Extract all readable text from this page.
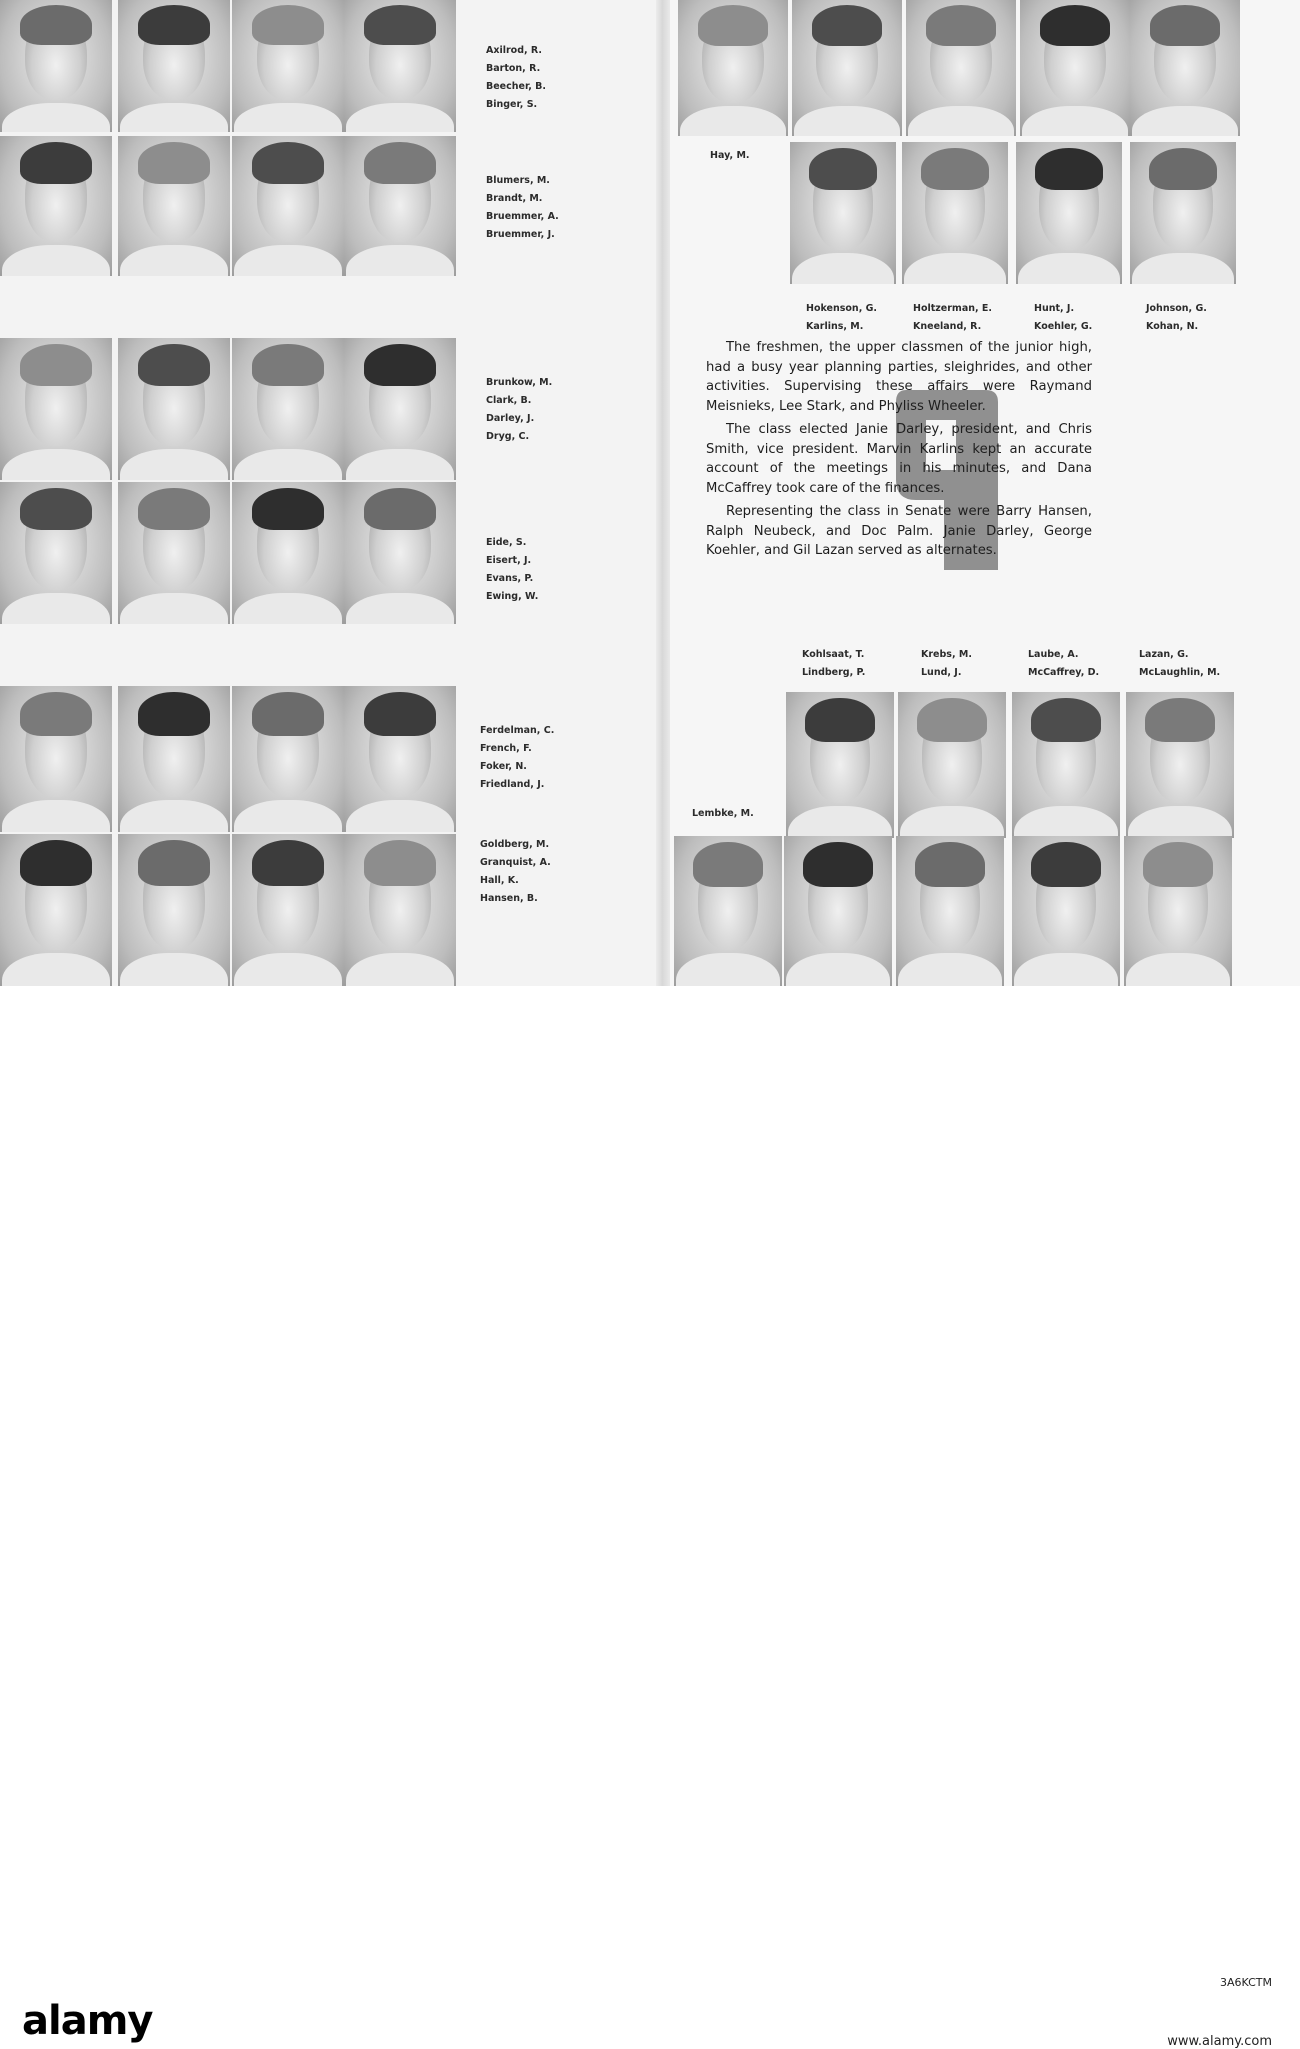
Axilrod, R.
Barton, R.
Beecher, B.
Binger, S.
Blumers, M.
Brandt, M.
Bruemmer, A.
Bruemmer, J.
Brunkow, M.
Clark, B.
Darley, J.
Dryg, C.
Eide, S.
Eisert, J.
Evans, P.
Ewing, W.
Ferdelman, C.
French, F.
Foker, N.
Friedland, J.
Goldberg, M.
Granquist, A.
Hall, K.
Hansen, B.
Hay, M.
Hokenson, G.
Karlins, M.
Holtzerman, E.
Kneeland, R.
Hunt, J.
Koehler, G.
Johnson, G.
Kohan, N.

The freshmen, the upper classmen of the junior high, had a busy year planning parties, sleighrides, and other activities. Supervising these affairs were Raymand Meisnieks, Lee Stark, and Phyliss Wheeler.

The class elected Janie Darley, president, and Chris Smith, vice president. Marvin Karlins kept an accurate account of the meetings in his minutes, and Dana McCaffrey took care of the finances.

Representing the class in Senate were Barry Hansen, Ralph Neubeck, and Doc Palm. Janie Darley, George Koehler, and Gil Lazan served as alternates.

Kohlsaat, T.
Lindberg, P.
Krebs, M.
Lund, J.
Laube, A.
McCaffrey, D.
Lazan, G.
McLaughlin, M.
Lembke, M.
alamy
3A6KCTM
www.alamy.com
